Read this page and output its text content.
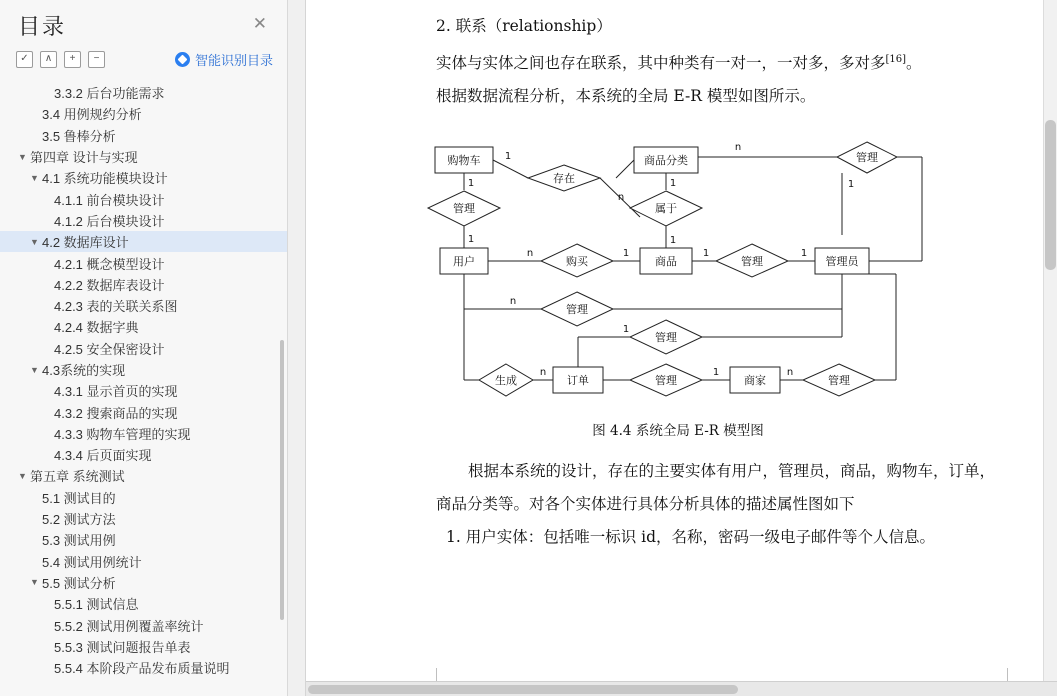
目录	✕
✓	∧	+	−	智能识别目录
3.3.2 后台功能需求
3.4 用例规约分析
3.5 鲁棒分析
▼ 第四章 设计与实现
▼ 4.1 系统功能模块设计
4.1.1 前台模块设计
4.1.2 后台模块设计
▼ 4.2 数据库设计
4.2.1 概念模型设计
4.2.2 数据库表设计
4.2.3 表的关联关系图
4.2.4 数据字典
4.2.5 安全保密设计
▼ 4.3系统的实现
4.3.1 显示首页的实现
4.3.2 搜索商品的实现
4.3.3 购物车管理的实现
4.3.4 后页面实现
▼ 第五章 系统测试
5.1 测试目的
5.2 测试方法
5.3 测试用例
5.4 测试用例统计
▼ 5.5 测试分析
5.5.1 测试信息
5.5.2 测试用例覆盖率统计
5.5.3 测试问题报告单表
5.5.4 本阶段产品发布质量说明

2. 联系（relationship）

实体与实体之间也存在联系，其中种类有一对一，一对多，多对多[16]。

根据数据流程分析，本系统的全局 E-R 模型如图所示。

购物车	商品分类
用户	商品	管理员
订单	商家
存在
管理	属于
管理
购买	管理
管理
管理
生成	管理	管理
1
n
n
1
1
1	1
1
n	1	1	1
n
1
n	1	n
图 4.4 系统全局 E-R 模型图

根据本系统的设计，存在的主要实体有用户，管理员，商品，购物车，订单，

商品分类等。对各个实体进行具体分析具体的描述属性图如下

1. 用户实体：包括唯一标识 id，名称，密码一级电子邮件等个人信息。
